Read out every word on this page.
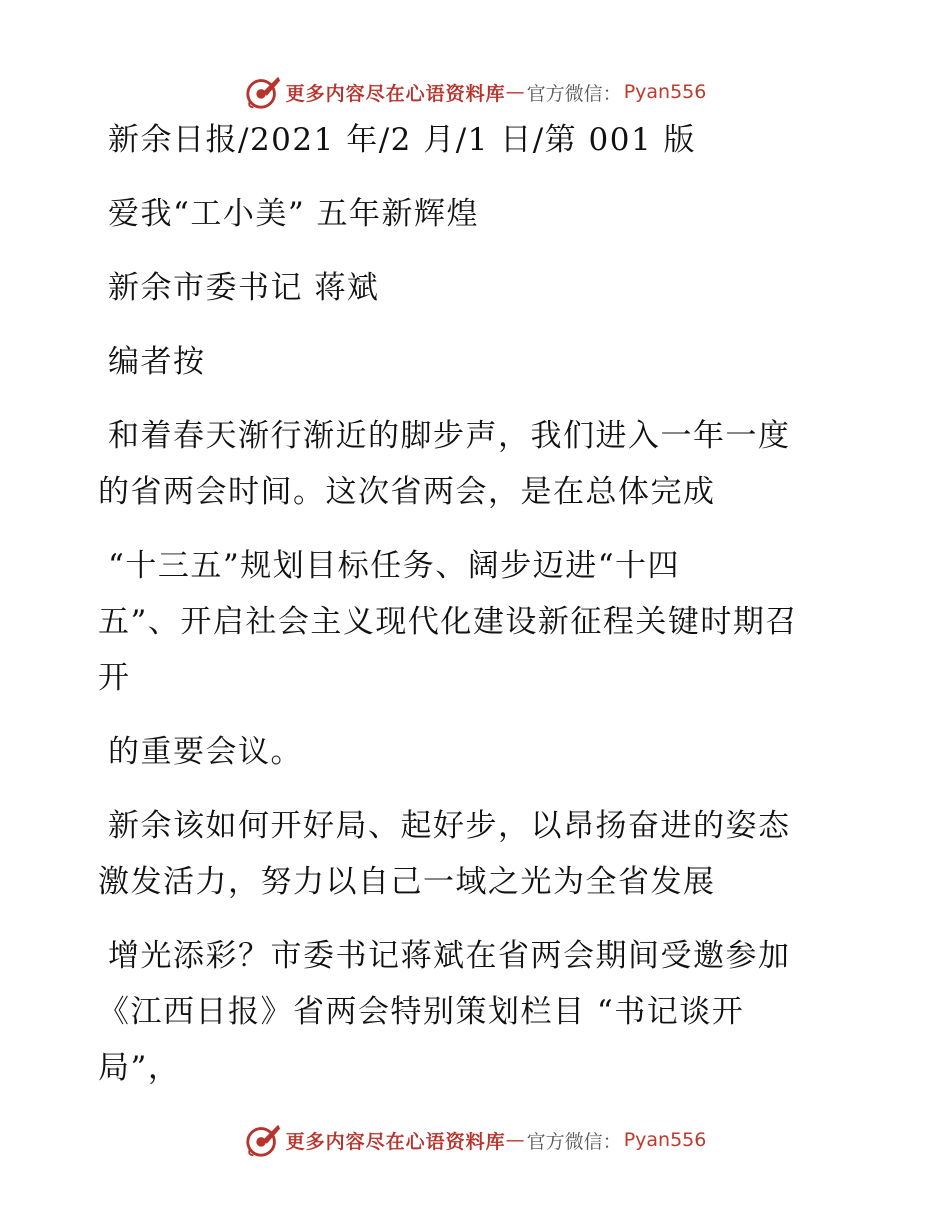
更多内容尽在心语资料库 — 官方微信： Pyan556
新余日报/2021 年/2 月/1 日/第 001 版
爱我“工小美” 五年新辉煌
新余市委书记 蒋斌
编者按
和着春天渐行渐近的脚步声，我们进入一年一度
的省两会时间。这次省两会，是在总体完成
“十三五”规划目标任务、阔步迈进“十四
五”、开启社会主义现代化建设新征程关键时期召
开
的重要会议。
新余该如何开好局、起好步，以昂扬奋进的姿态
激发活力，努力以自己一域之光为全省发展
增光添彩？市委书记蒋斌在省两会期间受邀参加
《江西日报》省两会特别策划栏目 “书记谈开
局”，
更多内容尽在心语资料库 — 官方微信： Pyan556
